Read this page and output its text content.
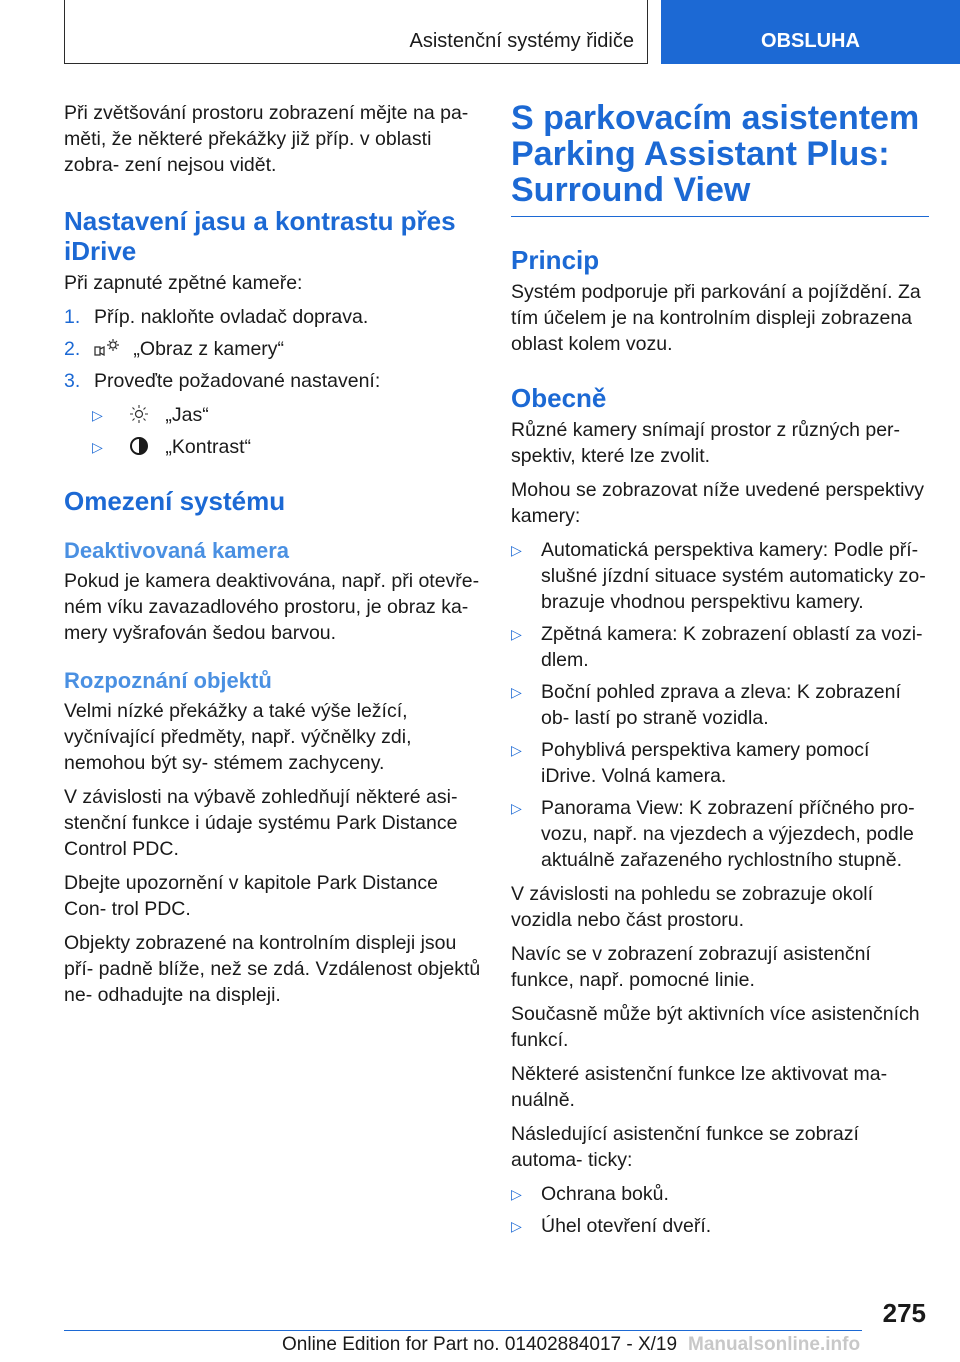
Asistenční systémy řidiče	OBSLUHA

Při zvětšování prostoru zobrazení mějte na pa- měti, že některé překážky již příp. v oblasti zobra- zení nejsou vidět.

Nastavení jasu a kontrastu přes iDrive

Při zapnuté zpětné kameře:

1. Příp. nakloňte ovladač doprava.
2.	„Obraz z kamery“
3. Proveďte požadované nastavení:
▷	„Jas“
▷	„Kontrast“
Omezení systému
Deaktivovaná kamera

Pokud je kamera deaktivována, např. při otevře- ném víku zavazadlového prostoru, je obraz ka- mery vyšrafován šedou barvou.

Rozpoznání objektů

Velmi nízké překážky a také výše ležící, vyčnívající předměty, např. výčnělky zdi, nemohou být sy- stémem zachyceny.

V závislosti na výbavě zohledňují některé asi- stenční funkce i údaje systému Park Distance Control PDC.

Dbejte upozornění v kapitole Park Distance Con- trol PDC.

Objekty zobrazené na kontrolním displeji jsou pří- padně blíže, než se zdá. Vzdálenost objektů ne- odhadujte na displeji.

S parkovacím asistentem Parking Assistant Plus: Surround View
Princip

Systém podporuje při parkování a pojíždění. Za tím účelem je na kontrolním displeji zobrazena oblast kolem vozu.

Obecně

Různé kamery snímají prostor z různých per- spektiv, které lze zvolit.

Mohou se zobrazovat níže uvedené perspektivy kamery:

▷ Automatická perspektiva kamery: Podle pří- slušné jízdní situace systém automaticky zo- brazuje vhodnou perspektivu kamery.
▷ Zpětná kamera: K zobrazení oblastí za vozi- dlem.
▷ Boční pohled zprava a zleva: K zobrazení ob- lastí po straně vozidla.
▷ Pohyblivá perspektiva kamery pomocí iDrive. Volná kamera.
▷ Panorama View: K zobrazení příčného pro- vozu, např. na vjezdech a výjezdech, podle aktuálně zařazeného rychlostního stupně.

V závislosti na pohledu se zobrazuje okolí vozidla nebo část prostoru.

Navíc se v zobrazení zobrazují asistenční funkce, např. pomocné linie.

Současně může být aktivních více asistenčních funkcí.

Některé asistenční funkce lze aktivovat ma- nuálně.

Následující asistenční funkce se zobrazí automa- ticky:

▷ Ochrana boků.
▷ Úhel otevření dveří.
275
Online Edition for Part no. 01402884017 - X/19 Manualsonline.info
